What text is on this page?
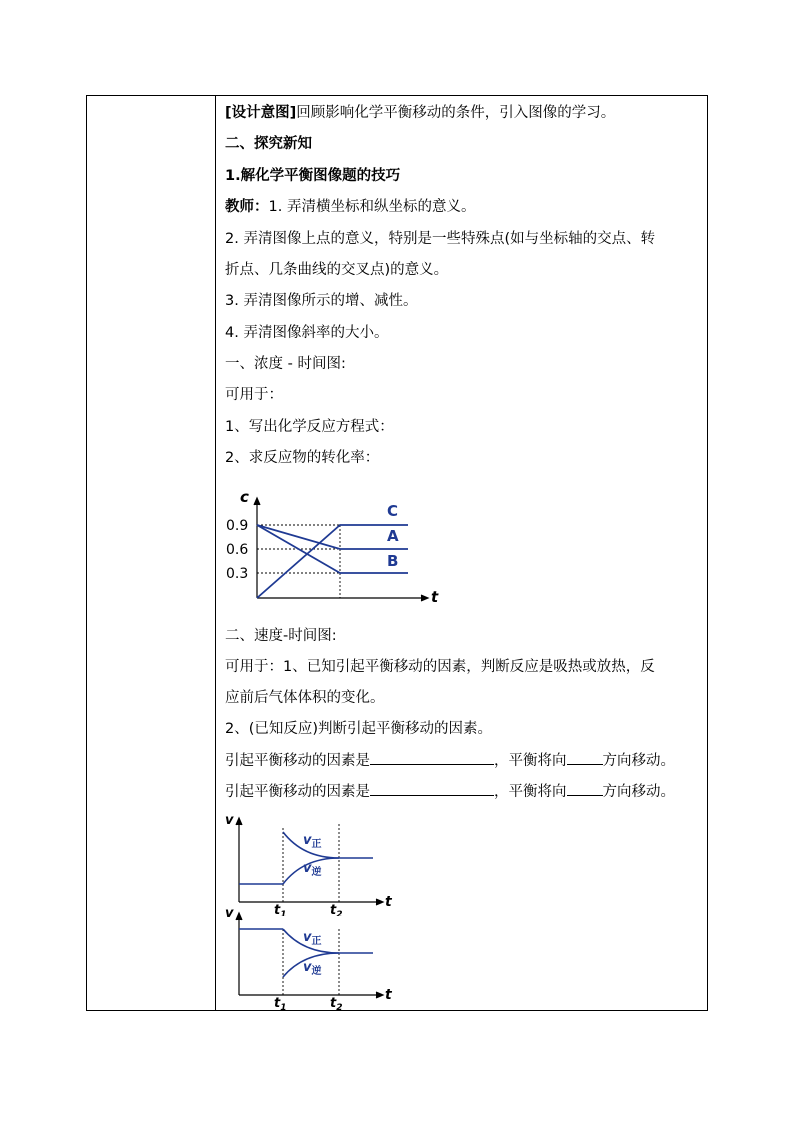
[设计意图]回顾影响化学平衡移动的条件，引入图像的学习。
二、探究新知
1.解化学平衡图像题的技巧
教师：1. 弄清横坐标和纵坐标的意义。
2. 弄清图像上点的意义，特别是一些特殊点(如与坐标轴的交点、转
折点、几条曲线的交叉点)的意义。
3. 弄清图像所示的增、减性。
4. 弄清图像斜率的大小。
一、浓度 - 时间图:
可用于：
1、写出化学反应方程式：
2、求反应物的转化率：
c
t
0.9
0.6
0.3
C
A
B
二、速度-时间图:
可用于：1、已知引起平衡移动的因素，判断反应是吸热或放热，反
应前后气体体积的变化。
2、(已知反应)判断引起平衡移动的因素。
引起平衡移动的因素是	，平衡将向 方向移动。
引起平衡移动的因素是	，平衡将向 方向移动。
v
t
$v_正$
$v_逆$
$t_1$	$t_2$
v
t
$v_正$
$v_逆$
$t_1$	$t_2$
